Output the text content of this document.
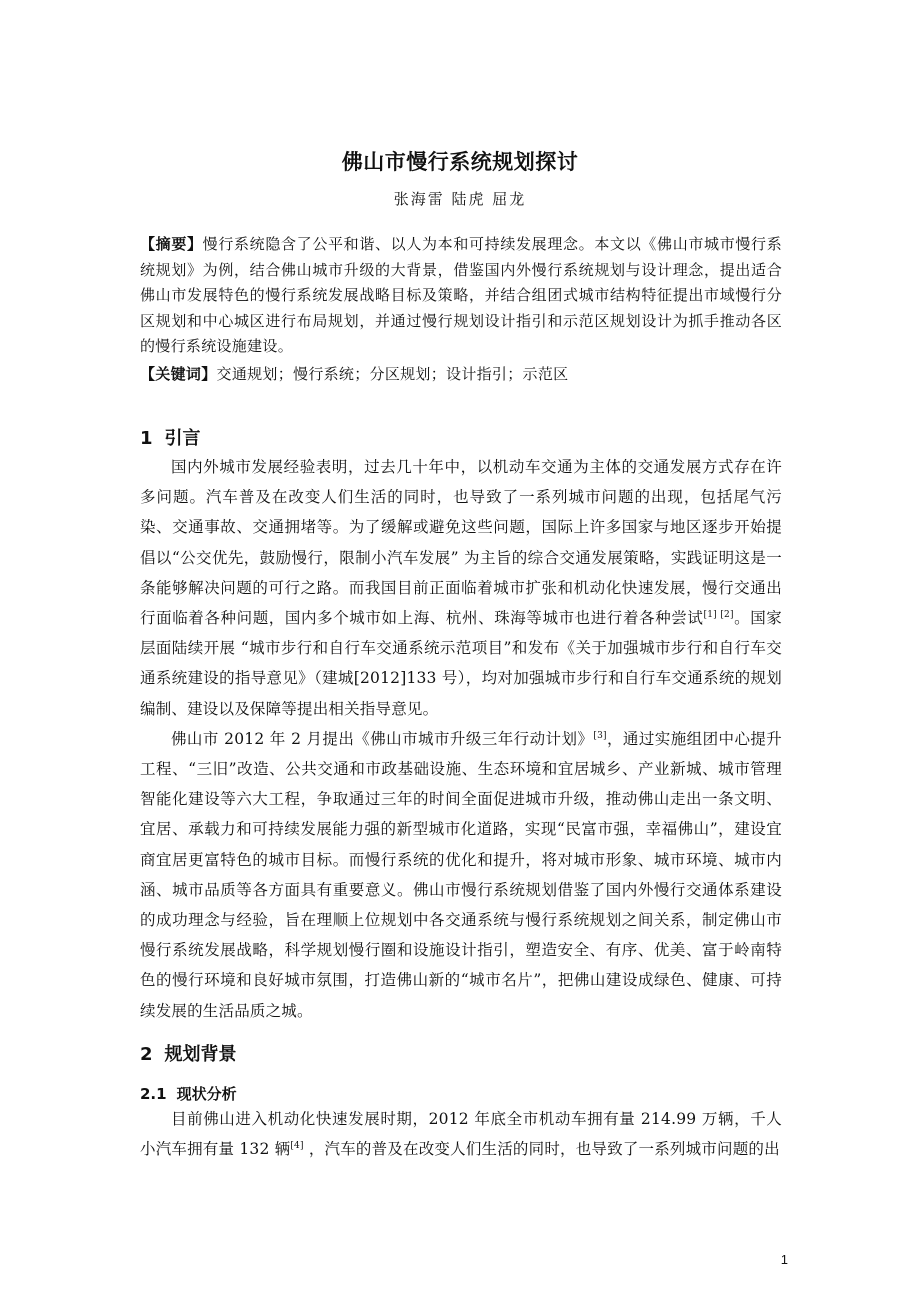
佛山市慢行系统规划探讨
张海雷 陆虎 屈龙
【摘要】慢行系统隐含了公平和谐、以人为本和可持续发展理念。本文以《佛山市城市慢行系统规划》为例，结合佛山城市升级的大背景，借鉴国内外慢行系统规划与设计理念，提出适合佛山市发展特色的慢行系统发展战略目标及策略，并结合组团式城市结构特征提出市域慢行分区规划和中心城区进行布局规划，并通过慢行规划设计指引和示范区规划设计为抓手推动各区的慢行系统设施建设。
【关键词】交通规划；慢行系统；分区规划；设计指引；示范区
1 引言

国内外城市发展经验表明，过去几十年中，以机动车交通为主体的交通发展方式存在许多问题。汽车普及在改变人们生活的同时，也导致了一系列城市问题的出现，包括尾气污染、交通事故、交通拥堵等。为了缓解或避免这些问题，国际上许多国家与地区逐步开始提倡以“公交优先，鼓励慢行，限制小汽车发展” 为主旨的综合交通发展策略，实践证明这是一条能够解决问题的可行之路。而我国目前正面临着城市扩张和机动化快速发展，慢行交通出行面临着各种问题，国内多个城市如上海、杭州、珠海等城市也进行着各种尝试[1] [2]。国家层面陆续开展 “城市步行和自行车交通系统示范项目”和发布《关于加强城市步行和自行车交通系统建设的指导意见》（建城[2012]133 号），均对加强城市步行和自行车交通系统的规划编制、建设以及保障等提出相关指导意见。

佛山市 2012 年 2 月提出《佛山市城市升级三年行动计划》[3]，通过实施组团中心提升工程、“三旧”改造、公共交通和市政基础设施、生态环境和宜居城乡、产业新城、城市管理智能化建设等六大工程，争取通过三年的时间全面促进城市升级，推动佛山走出一条文明、宜居、承载力和可持续发展能力强的新型城市化道路，实现“民富市强，幸福佛山”，建设宜商宜居更富特色的城市目标。而慢行系统的优化和提升，将对城市形象、城市环境、城市内涵、城市品质等各方面具有重要意义。佛山市慢行系统规划借鉴了国内外慢行交通体系建设的成功理念与经验，旨在理顺上位规划中各交通系统与慢行系统规划之间关系，制定佛山市慢行系统发展战略，科学规划慢行圈和设施设计指引，塑造安全、有序、优美、富于岭南特色的慢行环境和良好城市氛围，打造佛山新的“城市名片”，把佛山建设成绿色、健康、可持续发展的生活品质之城。

2 规划背景
2.1 现状分析

目前佛山进入机动化快速发展时期，2012 年底全市机动车拥有量 214.99 万辆，千人小汽车拥有量 132 辆[4] ，汽车的普及在改变人们生活的同时，也导致了一系列城市问题的出

1
